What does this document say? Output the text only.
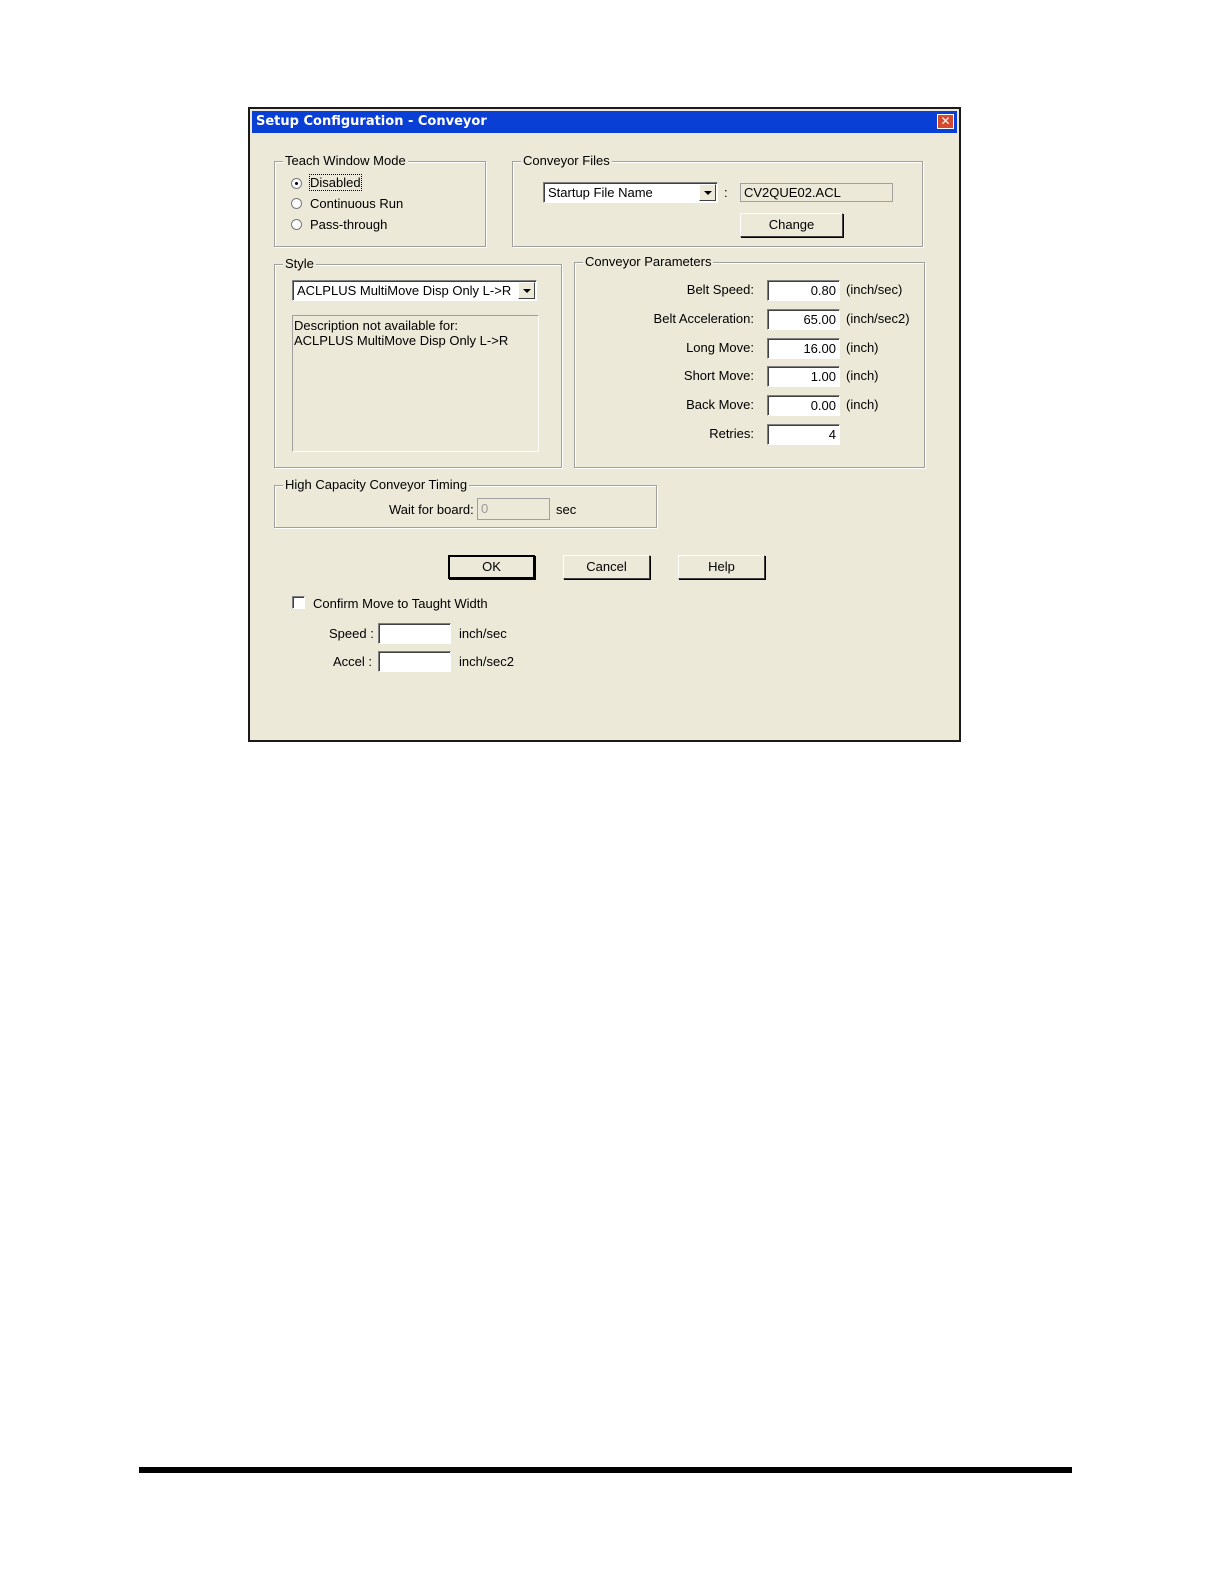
Setup Configuration - Conveyor	✕
Teach Window Mode
Disabled
Continuous Run
Pass-through
Conveyor Files
Startup File Name	: CV2QUE02.ACL
Change
Style
ACLPLUS MultiMove Disp Only L->R
Description not available for:
ACLPLUS MultiMove Disp Only L->R
Conveyor Parameters
Belt Speed:	0.80 (inch/sec)
Belt Acceleration:	65.00 (inch/sec2)
Long Move:	16.00 (inch)
Short Move:	1.00 (inch)
Back Move:	0.00 (inch)
Retries:	4
High Capacity Conveyor Timing
Wait for board: 0	sec
OK	Cancel	Help
Confirm Move to Taught Width
Speed :	inch/sec
Accel :	inch/sec2
